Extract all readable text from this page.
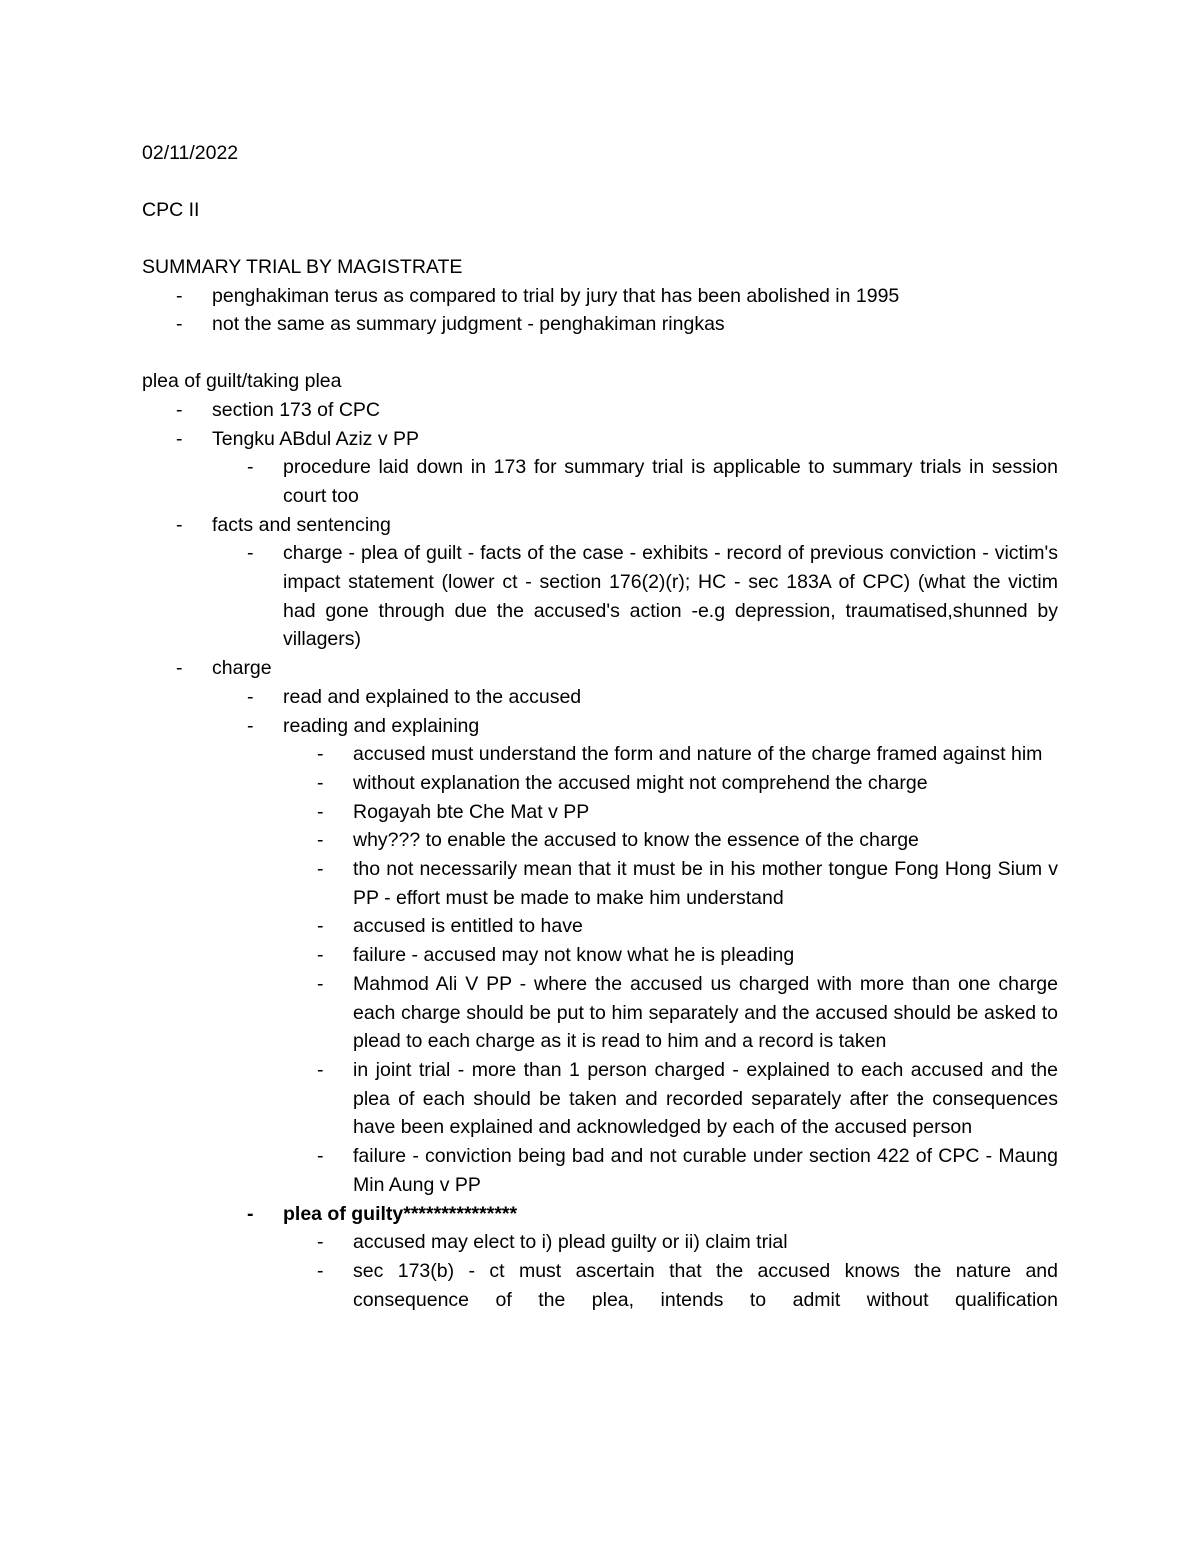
02/11/2022

CPC II

SUMMARY TRIAL BY MAGISTRATE
- penghakiman terus as compared to trial by jury that has been abolished in 1995
- not the same as summary judgment - penghakiman ringkas
plea of guilt/taking plea
- section 173 of CPC
- Tengku ABdul Aziz v PP
- procedure laid down in 173 for summary trial is applicable to summary trials in session court too
- facts and sentencing
- charge - plea of guilt - facts of the case - exhibits - record of previous conviction - victim's impact statement (lower ct - section 176(2)(r); HC - sec 183A of CPC) (what the victim had gone through due the accused's action -e.g depression, traumatised,shunned by villagers)
- charge
- read and explained to the accused
- reading and explaining
- accused must understand the form and nature of the charge framed against him
- without explanation the accused might not comprehend the charge
- Rogayah bte Che Mat v PP
- why??? to enable the accused to know the essence of the charge
- tho not necessarily mean that it must be in his mother tongue Fong Hong Sium v PP - effort must be made to make him understand
- accused is entitled to have
- failure - accused may not know what he is pleading
- Mahmod Ali V PP - where the accused us charged with more than one charge each charge should be put to him separately and the accused should be asked to plead to each charge as it is read to him and a record is taken
- in joint trial - more than 1 person charged - explained to each accused and the plea of each should be taken and recorded separately after the consequences have been explained and acknowledged by each of the accused person
- failure - conviction being bad and not curable under section 422 of CPC - Maung Min Aung v PP
- plea of guilty***************
- accused may elect to i) plead guilty or ii) claim trial
- sec 173(b) - ct must ascertain that the accused knows the nature and consequence of the plea, intends to admit without qualification
